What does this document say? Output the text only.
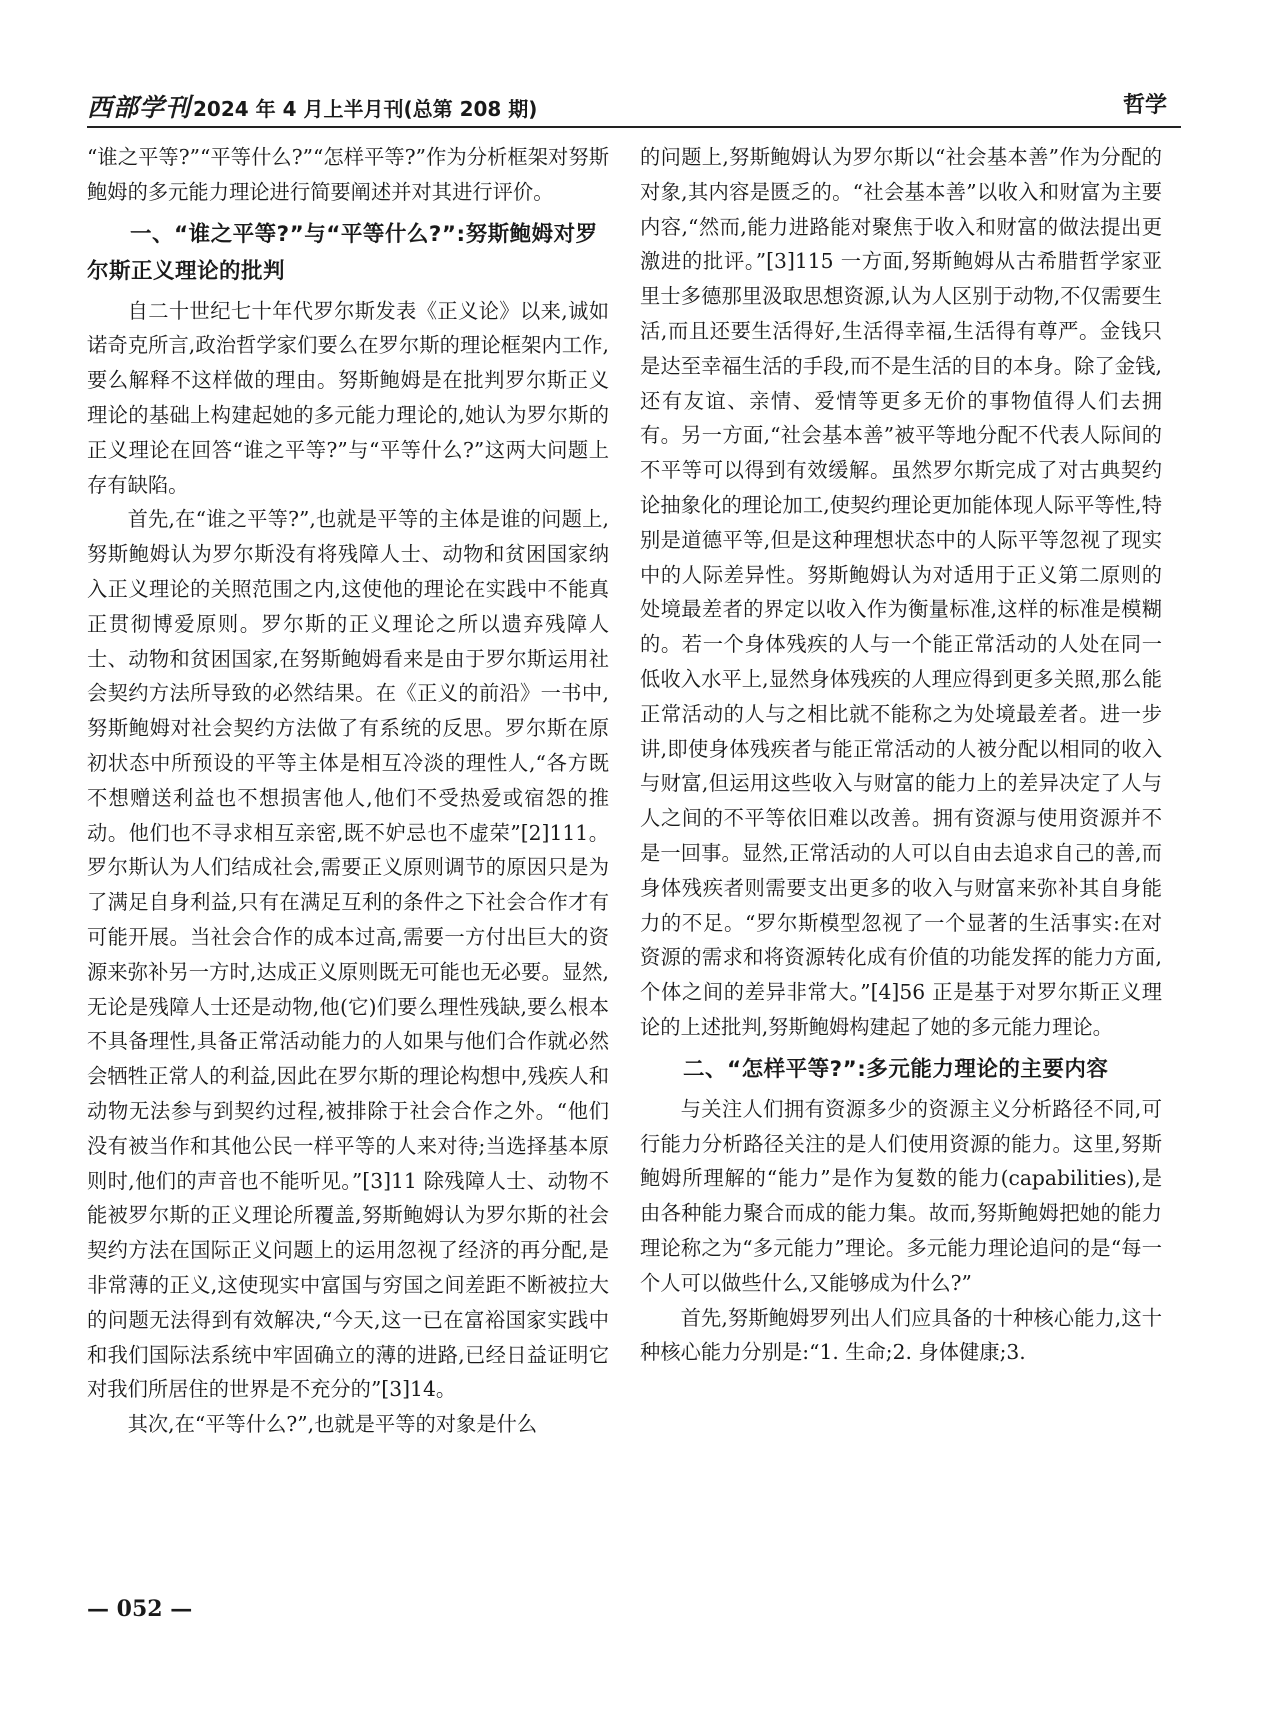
西部学刊 2024 年 4 月上半月刊(总第 208 期)	哲学

“谁之平等?”“平等什么?”“怎样平等?”作为分析框架对努斯鲍姆的多元能力理论进行简要阐述并对其进行评价。

一、“谁之平等?”与“平等什么?”:努斯鲍姆对罗尔斯正义理论的批判

自二十世纪七十年代罗尔斯发表《正义论》以来,诚如诺奇克所言,政治哲学家们要么在罗尔斯的理论框架内工作,要么解释不这样做的理由。努斯鲍姆是在批判罗尔斯正义理论的基础上构建起她的多元能力理论的,她认为罗尔斯的正义理论在回答“谁之平等?”与“平等什么?”这两大问题上存有缺陷。

首先,在“谁之平等?”,也就是平等的主体是谁的问题上,努斯鲍姆认为罗尔斯没有将残障人士、动物和贫困国家纳入正义理论的关照范围之内,这使他的理论在实践中不能真正贯彻博爱原则。罗尔斯的正义理论之所以遗弃残障人士、动物和贫困国家,在努斯鲍姆看来是由于罗尔斯运用社会契约方法所导致的必然结果。在《正义的前沿》一书中,努斯鲍姆对社会契约方法做了有系统的反思。罗尔斯在原初状态中所预设的平等主体是相互冷淡的理性人,“各方既不想赠送利益也不想损害他人,他们不受热爱或宿怨的推动。他们也不寻求相互亲密,既不妒忌也不虚荣”[2]111。罗尔斯认为人们结成社会,需要正义原则调节的原因只是为了满足自身利益,只有在满足互利的条件之下社会合作才有可能开展。当社会合作的成本过高,需要一方付出巨大的资源来弥补另一方时,达成正义原则既无可能也无必要。显然,无论是残障人士还是动物,他(它)们要么理性残缺,要么根本不具备理性,具备正常活动能力的人如果与他们合作就必然会牺牲正常人的利益,因此在罗尔斯的理论构想中,残疾人和动物无法参与到契约过程,被排除于社会合作之外。“他们没有被当作和其他公民一样平等的人来对待;当选择基本原则时,他们的声音也不能听见。”[3]11 除残障人士、动物不能被罗尔斯的正义理论所覆盖,努斯鲍姆认为罗尔斯的社会契约方法在国际正义问题上的运用忽视了经济的再分配,是非常薄的正义,这使现实中富国与穷国之间差距不断被拉大的问题无法得到有效解决,“今天,这一已在富裕国家实践中和我们国际法系统中牢固确立的薄的进路,已经日益证明它对我们所居住的世界是不充分的”[3]14。

其次,在“平等什么?”,也就是平等的对象是什么

的问题上,努斯鲍姆认为罗尔斯以“社会基本善”作为分配的对象,其内容是匮乏的。“社会基本善”以收入和财富为主要内容,“然而,能力进路能对聚焦于收入和财富的做法提出更激进的批评。”[3]115 一方面,努斯鲍姆从古希腊哲学家亚里士多德那里汲取思想资源,认为人区别于动物,不仅需要生活,而且还要生活得好,生活得幸福,生活得有尊严。金钱只是达至幸福生活的手段,而不是生活的目的本身。除了金钱,还有友谊、亲情、爱情等更多无价的事物值得人们去拥有。另一方面,“社会基本善”被平等地分配不代表人际间的不平等可以得到有效缓解。虽然罗尔斯完成了对古典契约论抽象化的理论加工,使契约理论更加能体现人际平等性,特别是道德平等,但是这种理想状态中的人际平等忽视了现实中的人际差异性。努斯鲍姆认为对适用于正义第二原则的处境最差者的界定以收入作为衡量标准,这样的标准是模糊的。若一个身体残疾的人与一个能正常活动的人处在同一低收入水平上,显然身体残疾的人理应得到更多关照,那么能正常活动的人与之相比就不能称之为处境最差者。进一步讲,即使身体残疾者与能正常活动的人被分配以相同的收入与财富,但运用这些收入与财富的能力上的差异决定了人与人之间的不平等依旧难以改善。拥有资源与使用资源并不是一回事。显然,正常活动的人可以自由去追求自己的善,而身体残疾者则需要支出更多的收入与财富来弥补其自身能力的不足。“罗尔斯模型忽视了一个显著的生活事实:在对资源的需求和将资源转化成有价值的功能发挥的能力方面,个体之间的差异非常大。”[4]56 正是基于对罗尔斯正义理论的上述批判,努斯鲍姆构建起了她的多元能力理论。

二、“怎样平等?”:多元能力理论的主要内容

与关注人们拥有资源多少的资源主义分析路径不同,可行能力分析路径关注的是人们使用资源的能力。这里,努斯鲍姆所理解的“能力”是作为复数的能力(capabilities),是由各种能力聚合而成的能力集。故而,努斯鲍姆把她的能力理论称之为“多元能力”理论。多元能力理论追问的是“每一个人可以做些什么,又能够成为什么?”

首先,努斯鲍姆罗列出人们应具备的十种核心能力,这十种核心能力分别是:“1. 生命;2. 身体健康;3.

— 052 —
